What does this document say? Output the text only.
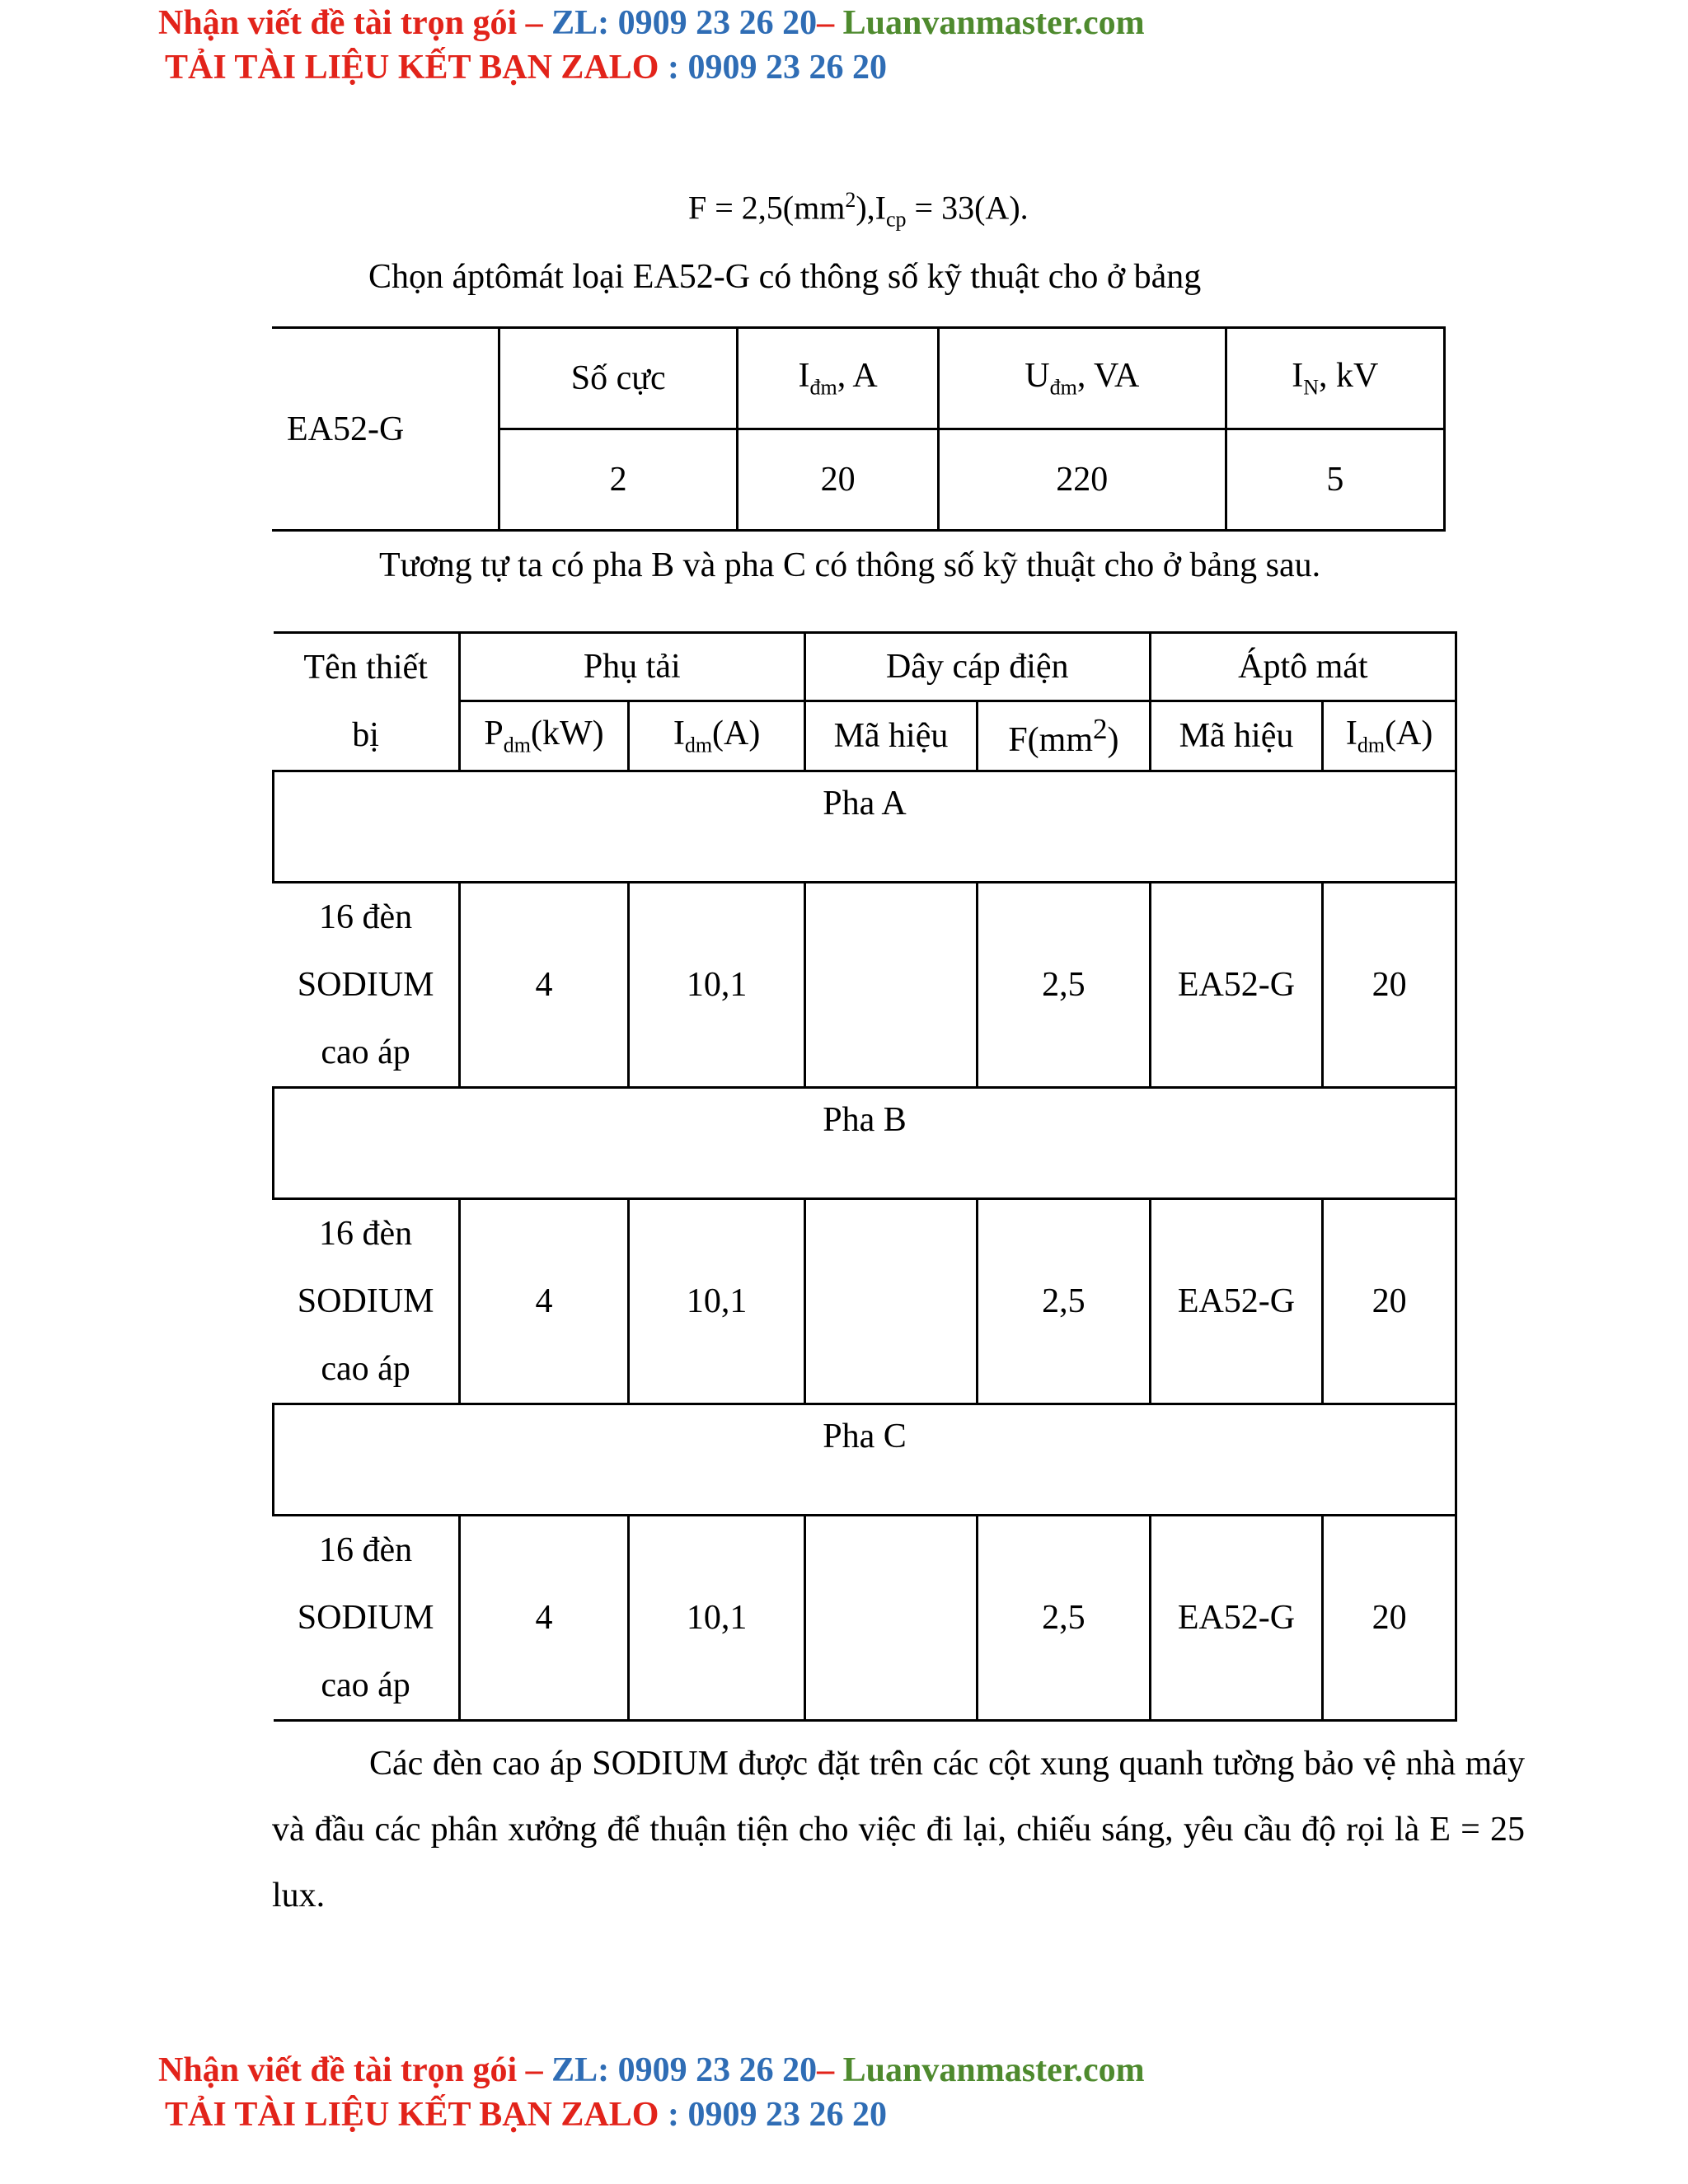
Nhận viết đề tài trọn gói – ZL: 0909 23 26 20– Luanvanmaster.com
TẢI TÀI LIỆU KẾT BẠN ZALO : 0909 23 26 20
$F = 2,5(mm^2),I_{cp} = 33(A)$.
Chọn áptômát loại EA52-G có thông số kỹ thuật cho ở bảng
EA52-G	Số cực	$I_{đm}$, A	$U_{đm}$, VA	$I_N$, kV
	2	20	220	5
Tương tự ta có pha B và pha C có thông số kỹ thuật cho ở bảng sau.
Tên thiết
bị	Phụ tải		Dây cáp điện		Áptô mát	
	$P_{dm}(kW)$	$I_{dm}(A)$	Mã hiệu	$F(mm^2)$	Mã hiệu	$I_{dm}(A)$
Pha A						
16 đèn
SODIUM
cao áp	4	10,1		2,5	EA52-G	20
Pha B						
16 đèn
SODIUM
cao áp	4	10,1		2,5	EA52-G	20
Pha C						
16 đèn
SODIUM
cao áp	4	10,1		2,5	EA52-G	20
Các đèn cao áp SODIUM được đặt trên các cột xung quanh tường bảo vệ nhà máy và đầu các phân xưởng để thuận tiện cho việc đi lại, chiếu sáng, yêu cầu độ rọi là E = 25 lux.
Nhận viết đề tài trọn gói – ZL: 0909 23 26 20– Luanvanmaster.com
TẢI TÀI LIỆU KẾT BẠN ZALO : 0909 23 26 20
